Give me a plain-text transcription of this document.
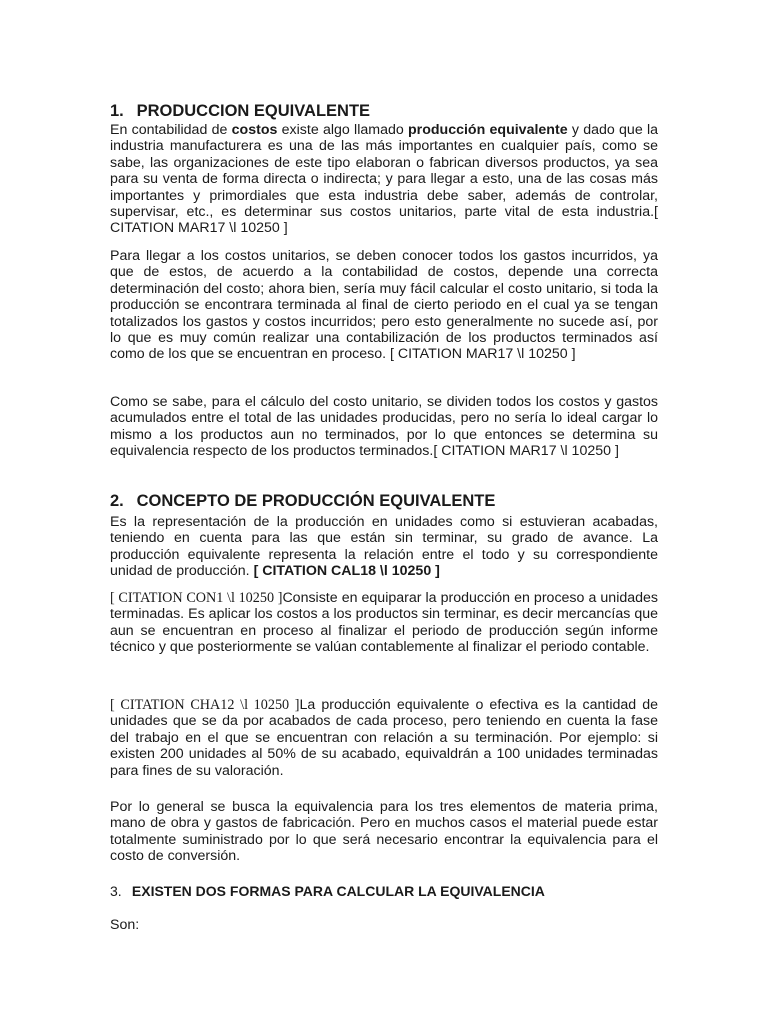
1. PRODUCCION EQUIVALENTE

En contabilidad de costos existe algo llamado producción equivalente y dado que la industria manufacturera es una de las más importantes en cualquier país, como se sabe, las organizaciones de este tipo elaboran o fabrican diversos productos, ya sea para su venta de forma directa o indirecta; y para llegar a esto, una de las cosas más importantes y primordiales que esta industria debe saber, además de controlar, supervisar, etc., es determinar sus costos unitarios, parte vital de esta industria.[ CITATION MAR17 \l 10250 ]

Para llegar a los costos unitarios, se deben conocer todos los gastos incurridos, ya que de estos, de acuerdo a la contabilidad de costos, depende una correcta determinación del costo; ahora bien, sería muy fácil calcular el costo unitario, si toda la producción se encontrara terminada al final de cierto periodo en el cual ya se tengan totalizados los gastos y costos incurridos; pero esto generalmente no sucede así, por lo que es muy común realizar una contabilización de los productos terminados así como de los que se encuentran en proceso. [ CITATION MAR17 \l 10250 ]

Como se sabe, para el cálculo del costo unitario, se dividen todos los costos y gastos acumulados entre el total de las unidades producidas, pero no sería lo ideal cargar lo mismo a los productos aun no terminados, por lo que entonces se determina su equivalencia respecto de los productos terminados.[ CITATION MAR17 \l 10250 ]

2. CONCEPTO DE PRODUCCIÓN EQUIVALENTE

Es la representación de la producción en unidades como si estuvieran acabadas, teniendo en cuenta para las que están sin terminar, su grado de avance. La producción equivalente representa la relación entre el todo y su correspondiente unidad de producción. [ CITATION CAL18 \l 10250 ]

[ CITATION CON1 \l 10250 ]Consiste en equiparar la producción en proceso a unidades terminadas. Es aplicar los costos a los productos sin terminar, es decir mercancías que aun se encuentran en proceso al finalizar el periodo de producción según informe técnico y que posteriormente se valúan contablemente al finalizar el periodo contable.

[ CITATION CHA12 \l 10250 ]La producción equivalente o efectiva es la cantidad de unidades que se da por acabados de cada proceso, pero teniendo en cuenta la fase del trabajo en el que se encuentran con relación a su terminación. Por ejemplo: si existen 200 unidades al 50% de su acabado, equivaldrán a 100 unidades terminadas para fines de su valoración.

Por lo general se busca la equivalencia para los tres elementos de materia prima, mano de obra y gastos de fabricación. Pero en muchos casos el material puede estar totalmente suministrado por lo que será necesario encontrar la equivalencia para el costo de conversión.

3. EXISTEN DOS FORMAS PARA CALCULAR LA EQUIVALENCIA

Son:
